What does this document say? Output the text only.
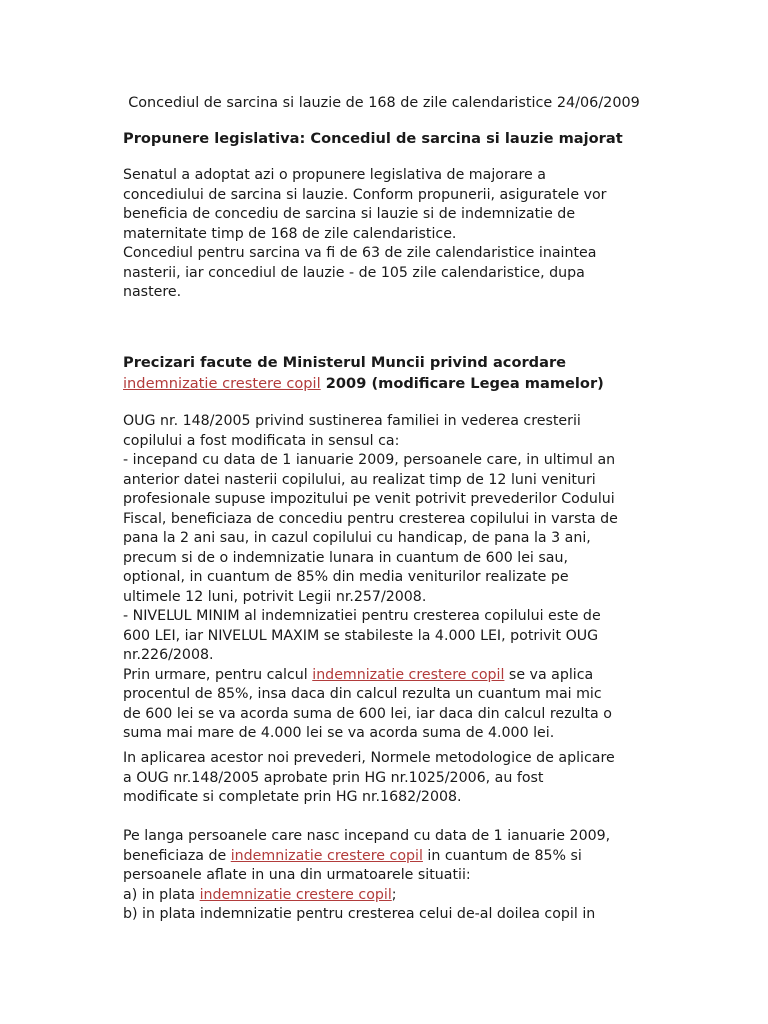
Concediul de sarcina si lauzie de 168 de zile calendaristice 24/06/2009

Propunere legislativa: Concediul de sarcina si lauzie majorat

Senatul a adoptat azi o propunere legislativa de majorare a
concediului de sarcina si lauzie. Conform propunerii, asiguratele vor
beneficia de concediu de sarcina si lauzie si de indemnizatie de
maternitate timp de 168 de zile calendaristice.
Concediul pentru sarcina va fi de 63 de zile calendaristice inaintea
nasterii, iar concediul de lauzie - de 105 zile calendaristice, dupa
nastere.

Precizari facute de Ministerul Muncii privind acordare
indemnizatie crestere copil 2009 (modificare Legea mamelor)

OUG nr. 148/2005 privind sustinerea familiei in vederea cresterii
copilului a fost modificata in sensul ca:
- incepand cu data de 1 ianuarie 2009, persoanele care, in ultimul an
anterior datei nasterii copilului, au realizat timp de 12 luni venituri
profesionale supuse impozitului pe venit potrivit prevederilor Codului
Fiscal, beneficiaza de concediu pentru cresterea copilului in varsta de
pana la 2 ani sau, in cazul copilului cu handicap, de pana la 3 ani,
precum si de o indemnizatie lunara in cuantum de 600 lei sau,
optional, in cuantum de 85% din media veniturilor realizate pe
ultimele 12 luni, potrivit Legii nr.257/2008.
- NIVELUL MINIM al indemnizatiei pentru cresterea copilului este de
600 LEI, iar NIVELUL MAXIM se stabileste la 4.000 LEI, potrivit OUG
nr.226/2008.
Prin urmare, pentru calcul indemnizatie crestere copil se va aplica
procentul de 85%, insa daca din calcul rezulta un cuantum mai mic
de 600 lei se va acorda suma de 600 lei, iar daca din calcul rezulta o
suma mai mare de 4.000 lei se va acorda suma de 4.000 lei.

In aplicarea acestor noi prevederi, Normele metodologice de aplicare
a OUG nr.148/2005 aprobate prin HG nr.1025/2006, au fost
modificate si completate prin HG nr.1682/2008.

Pe langa persoanele care nasc incepand cu data de 1 ianuarie 2009,
beneficiaza de indemnizatie crestere copil in cuantum de 85% si
persoanele aflate in una din urmatoarele situatii:
a) in plata indemnizatie crestere copil;
b) in plata indemnizatie pentru cresterea celui de-al doilea copil in
